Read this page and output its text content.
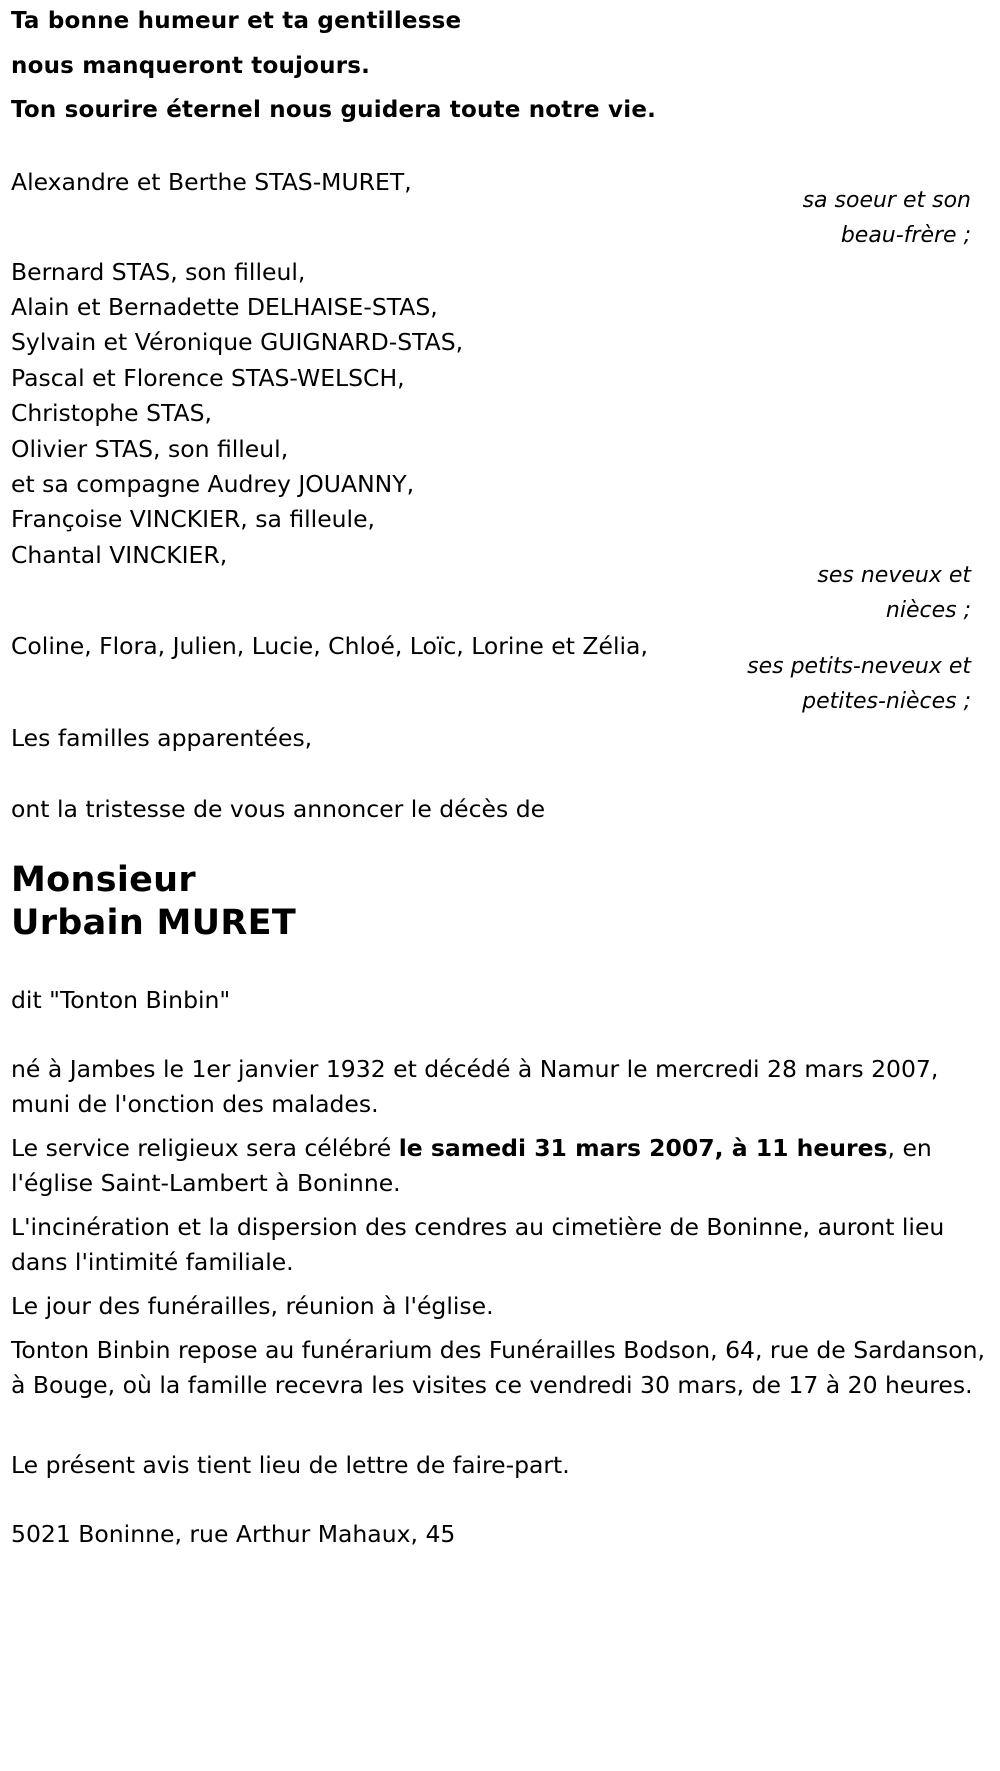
Ta bonne humeur et ta gentillesse
nous manqueront toujours.
Ton sourire éternel nous guidera toute notre vie.
Alexandre et Berthe STAS-MURET,
sa soeur et son
beau-frère ;
Bernard STAS, son filleul,
Alain et Bernadette DELHAISE-STAS,
Sylvain et Véronique GUIGNARD-STAS,
Pascal et Florence STAS-WELSCH,
Christophe STAS,
Olivier STAS, son filleul,
et sa compagne Audrey JOUANNY,
Françoise VINCKIER, sa filleule,
Chantal VINCKIER,
ses neveux et
nièces ;
Coline, Flora, Julien, Lucie, Chloé, Loïc, Lorine et Zélia,
ses petits-neveux et
petites-nièces ;
Les familles apparentées,
ont la tristesse de vous annoncer le décès de
Monsieur
Urbain MURET
dit "Tonton Binbin"
né à Jambes le 1er janvier 1932 et décédé à Namur le mercredi 28 mars 2007, muni de l'onction des malades.
Le service religieux sera célébré le samedi 31 mars 2007, à 11 heures, en l'église Saint-Lambert à Boninne.
L'incinération et la dispersion des cendres au cimetière de Boninne, auront lieu dans l'intimité familiale.
Le jour des funérailles, réunion à l'église.
Tonton Binbin repose au funérarium des Funérailles Bodson, 64, rue de Sardanson, à Bouge, où la famille recevra les visites ce vendredi 30 mars, de 17 à 20 heures.
Le présent avis tient lieu de lettre de faire-part.
5021 Boninne, rue Arthur Mahaux, 45
